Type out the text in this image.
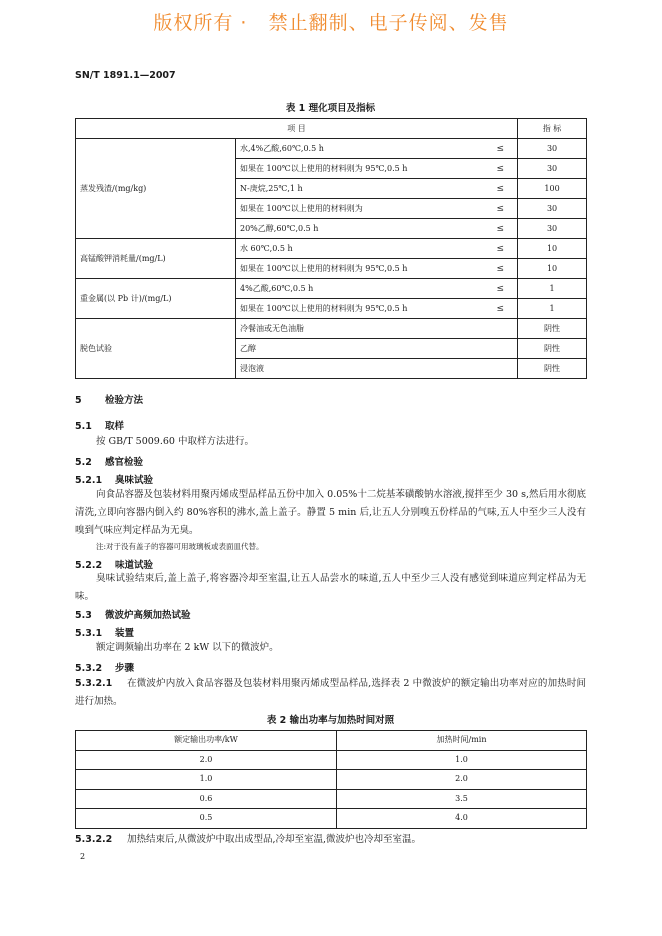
版权所有 ·   禁止翻制、电子传阅、发售
SN/T 1891.1—2007
表 1 理化项目及指标
项 目			指 标
蒸发残渣/(mg/kg)	水,4%乙酸,60℃,0.5 h	≤	30
	如果在 100℃以上使用的材料则为 95℃,0.5 h	≤	30
	N-庚烷,25℃,1 h	≤	100
	如果在 100℃以上使用的材料则为	≤	30
	20%乙醇,60℃,0.5 h	≤	30
高锰酸钾消耗量/(mg/L)	水 60℃,0.5 h	≤	10
	如果在 100℃以上使用的材料则为 95℃,0.5 h	≤	10
重金属(以 Pb 计)/(mg/L)	4%乙酸,60℃,0.5 h	≤	1
	如果在 100℃以上使用的材料则为 95℃,0.5 h	≤	1
脱色试验	冷餐油或无色油脂		阴性
	乙醇		阴性
	浸泡液		阴性
5 检验方法
5.1 取样
按 GB/T 5009.60 中取样方法进行。
5.2 感官检验
5.2.1 臭味试验
向食品容器及包装材料用聚丙烯成型品样品五份中加入 0.05%十二烷基苯磺酸钠水溶液,搅拌至少 30 s,然后用水彻底清洗,立即向容器内倒入约 80%容积的沸水,盖上盖子。静置 5 min 后,让五人分别嗅五份样品的气味,五人中至少三人没有嗅到气味应判定样品为无臭。
注:对于没有盖子的容器可用玻璃板或表面皿代替。
5.2.2 味道试验
臭味试验结束后,盖上盖子,将容器冷却至室温,让五人品尝水的味道,五人中至少三人没有感觉到味道应判定样品为无味。
5.3 微波炉高频加热试验
5.3.1 装置
额定调频输出功率在 2 kW 以下的微波炉。
5.3.2 步骤
5.3.2.1 在微波炉内放入食品容器及包装材料用聚丙烯成型品样品,选择表 2 中微波炉的额定输出功率对应的加热时间进行加热。
表 2 输出功率与加热时间对照
额定输出功率/kW	加热时间/min
2.0	1.0
1.0	2.0
0.6	3.5
0.5	4.0
5.3.2.2 加热结束后,从微波炉中取出成型品,冷却至室温,微波炉也冷却至室温。
2
